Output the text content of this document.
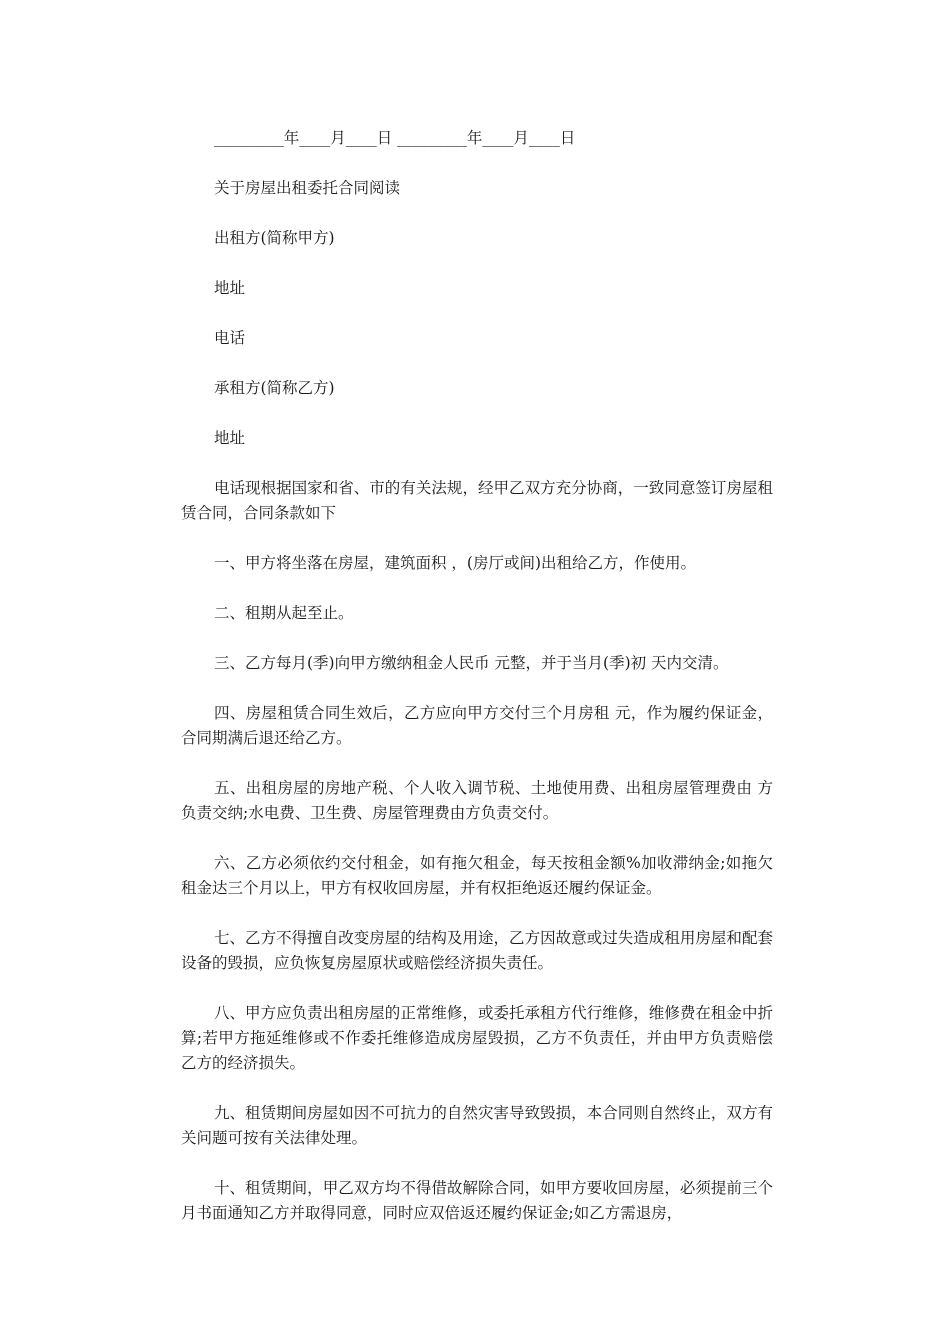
_________年____月____日 _________年____月____日

关于房屋出租委托合同阅读

出租方(简称甲方)

地址

电话

承租方(简称乙方)

地址

电话现根据国家和省、市的有关法规，经甲乙双方充分协商，一致同意签订房屋租赁合同，合同条款如下

一、甲方将坐落在房屋，建筑面积 ，(房厅或间)出租给乙方，作使用。

二、租期从起至止。

三、乙方每月(季)向甲方缴纳租金人民币 元整，并于当月(季)初 天内交清。

四、房屋租赁合同生效后，乙方应向甲方交付三个月房租 元，作为履约保证金，合同期满后退还给乙方。

五、出租房屋的房地产税、个人收入调节税、土地使用费、出租房屋管理费由 方负责交纳;水电费、卫生费、房屋管理费由方负责交付。

六、乙方必须依约交付租金，如有拖欠租金，每天按租金额%加收滞纳金;如拖欠租金达三个月以上，甲方有权收回房屋，并有权拒绝返还履约保证金。

七、乙方不得擅自改变房屋的结构及用途，乙方因故意或过失造成租用房屋和配套设备的毁损，应负恢复房屋原状或赔偿经济损失责任。

八、甲方应负责出租房屋的正常维修，或委托承租方代行维修，维修费在租金中折算;若甲方拖延维修或不作委托维修造成房屋毁损，乙方不负责任，并由甲方负责赔偿乙方的经济损失。

九、租赁期间房屋如因不可抗力的自然灾害导致毁损，本合同则自然终止，双方有关问题可按有关法律处理。

十、租赁期间，甲乙双方均不得借故解除合同，如甲方要收回房屋，必须提前三个月书面通知乙方并取得同意，同时应双倍返还履约保证金;如乙方需退房，
